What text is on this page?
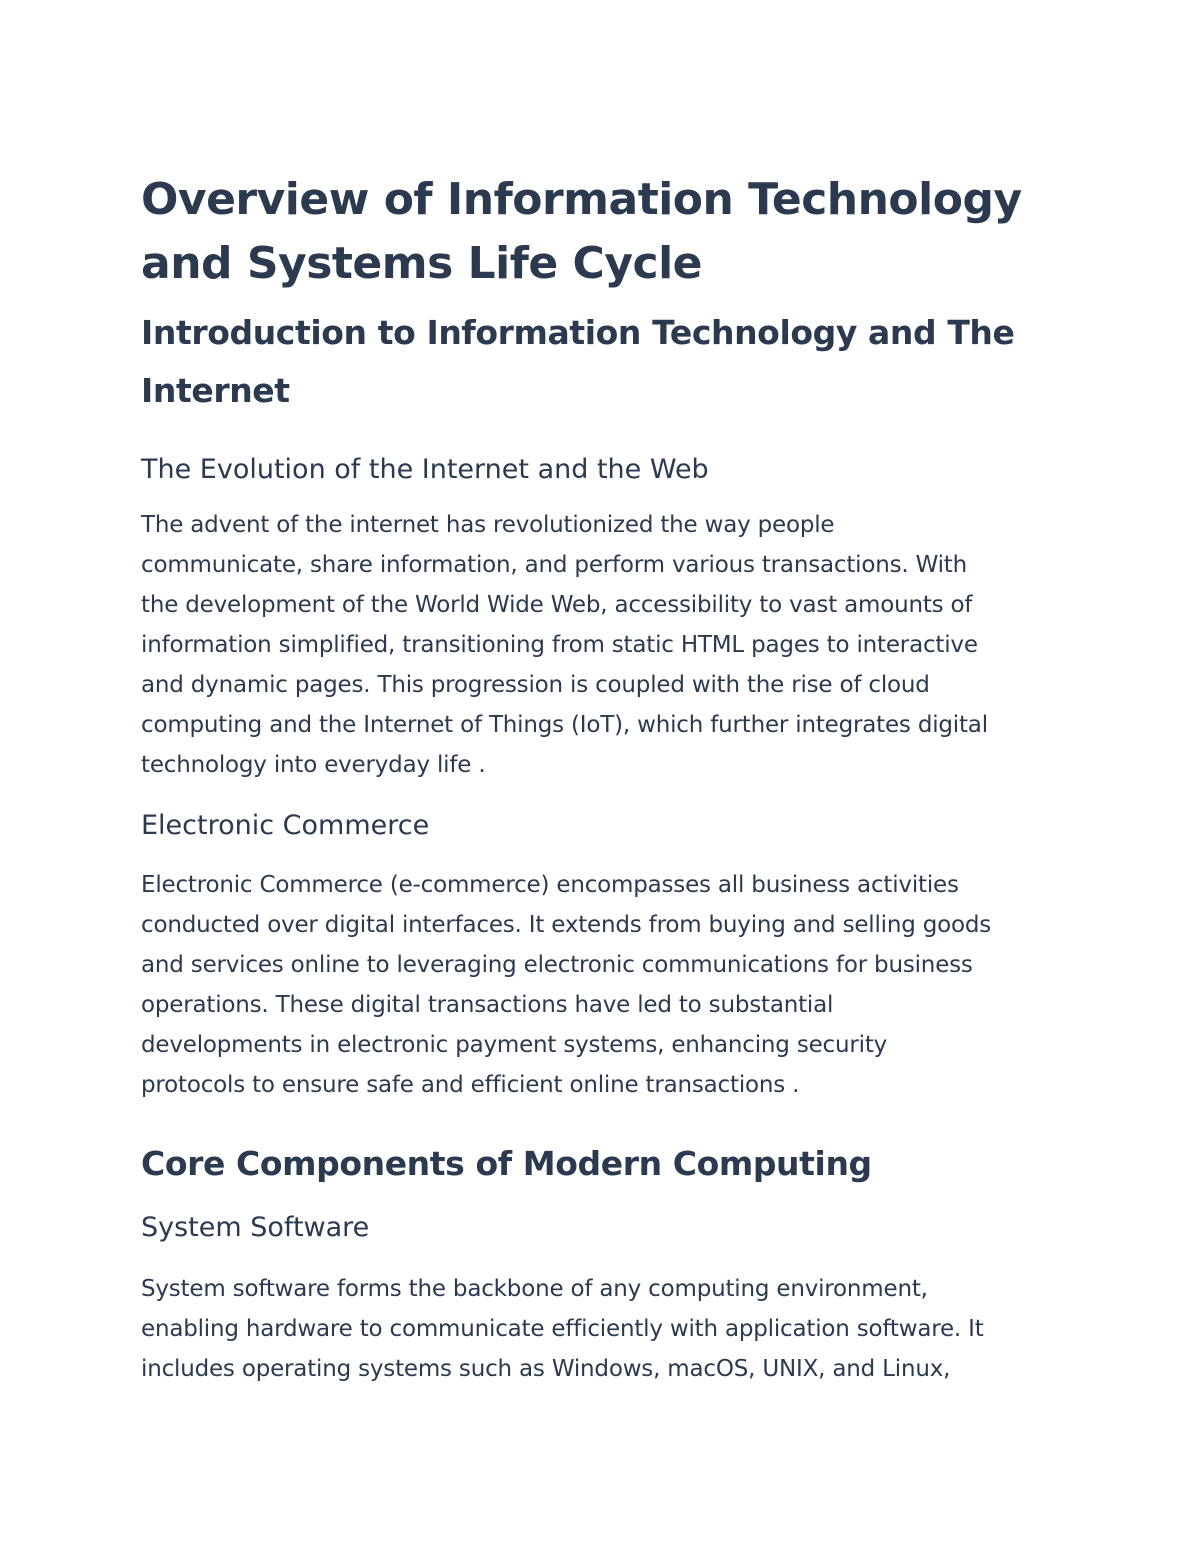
Overview of Information Technology
and Systems Life Cycle
Introduction to Information Technology and The
Internet
The Evolution of the Internet and the Web

The advent of the internet has revolutionized the way people
communicate, share information, and perform various transactions. With
the development of the World Wide Web, accessibility to vast amounts of
information simplified, transitioning from static HTML pages to interactive
and dynamic pages. This progression is coupled with the rise of cloud
computing and the Internet of Things (IoT), which further integrates digital
technology into everyday life .

Electronic Commerce

Electronic Commerce (e-commerce) encompasses all business activities
conducted over digital interfaces. It extends from buying and selling goods
and services online to leveraging electronic communications for business
operations. These digital transactions have led to substantial
developments in electronic payment systems, enhancing security
protocols to ensure safe and efficient online transactions .

Core Components of Modern Computing
System Software

System software forms the backbone of any computing environment,
enabling hardware to communicate efficiently with application software. It
includes operating systems such as Windows, macOS, UNIX, and Linux,
